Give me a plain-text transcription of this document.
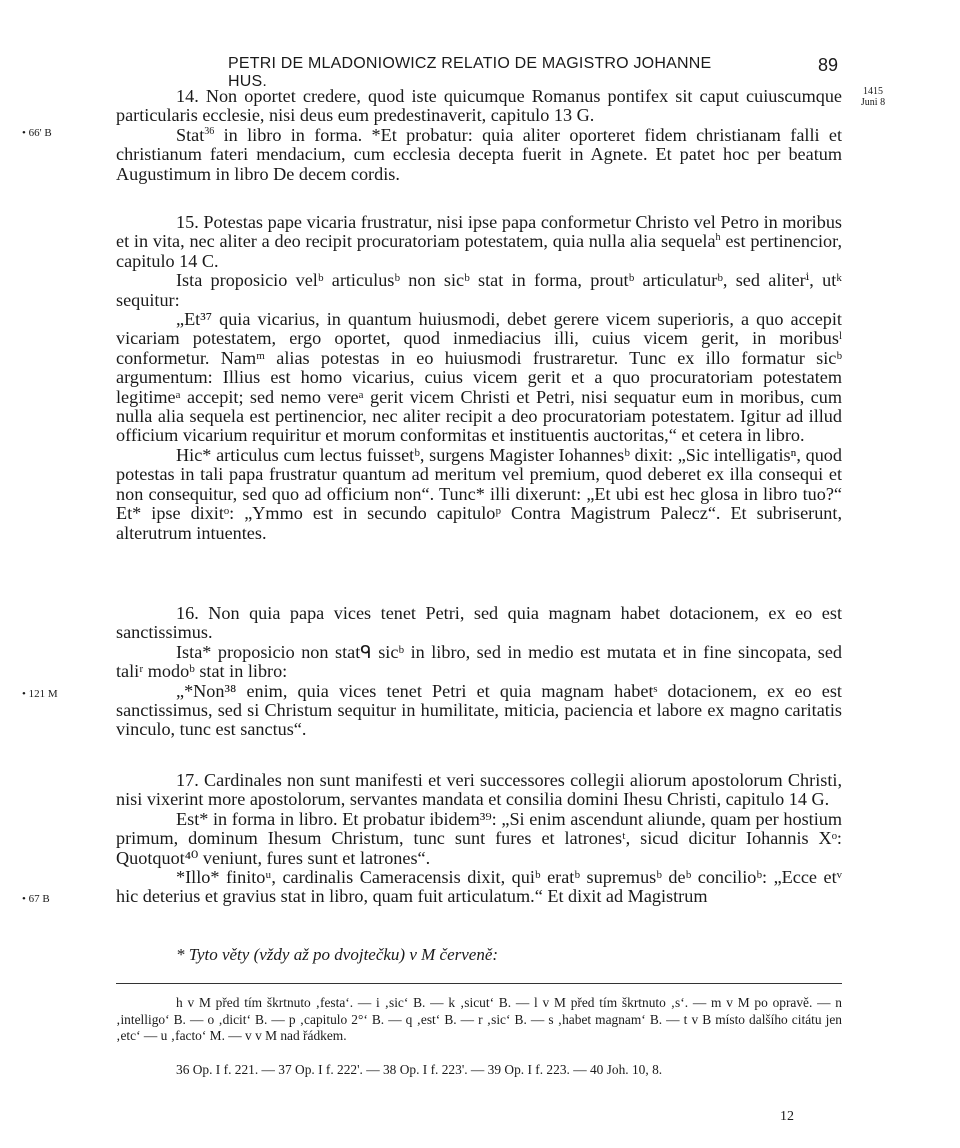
PETRI DE MLADONIOWICZ RELATIO DE MAGISTRO JOHANNE HUS.
89
1415
Juni 8
• 66' B
• 121 M
• 67 B

14. Non oportet credere, quod iste quicumque Romanus pontifex sit caput cuiuscumque particularis ecclesie, nisi deus eum predestinaverit, capitulo 13 G.

Stat$^{36}$ in libro in forma. *Et probatur: quia aliter oporteret fidem christianam falli et christianum fateri mendacium, cum ecclesia decepta fuerit in Agnete. Et patet hoc per beatum Augustimum in libro De decem cordis.

15. Potestas pape vicaria frustratur, nisi ipse papa conformetur Christo vel Petro in moribus et in vita, nec aliter a deo recipit procuratoriam potestatem, quia nulla alia sequela$^h$ est pertinencior, capitulo 14 C.

Ista proposicio velᵇ articulusᵇ non sicᵇ stat in forma, proutᵇ articulaturᵇ, sed aliterⁱ, utᵏ sequitur:

„Et³⁷ quia vicarius, in quantum huiusmodi, debet gerere vicem superioris, a quo accepit vicariam potestatem, ergo oportet, quod inmediacius illi, cuius vicem gerit, in moribusˡ conformetur. Namᵐ alias potestas in eo huiusmodi frustraretur. Tunc ex illo formatur sicᵇ argumentum: Illius est homo vicarius, cuius vicem gerit et a quo procuratoriam potestatem legitimeᵃ accepit; sed nemo vereᵃ gerit vicem Christi et Petri, nisi sequatur eum in moribus, cum nulla alia sequela est pertinencior, nec aliter recipit a deo procuratoriam potestatem. Igitur ad illud officium vicarium requiritur et morum conformitas et instituentis auctoritas,“ et cetera in libro.

Hic* articulus cum lectus fuissetᵇ, surgens Magister Iohannesᵇ dixit: „Sic intelligatisⁿ, quod potestas in tali papa frustratur quantum ad meritum vel premium, quod deberet ex illa consequi et non consequitur, sed quo ad officium non“. Tunc* illi dixerunt: „Et ubi est hec glosa in libro tuo?“ Et* ipse dixitᵒ: „Ymmo est in secundo capituloᵖ Contra Magistrum Palecz“. Et subriserunt, alterutrum intuentes.

16. Non quia papa vices tenet Petri, sed quia magnam habet dotacionem, ex eo est sanctissimus.

Ista* proposicio non statᑫ sicᵇ in libro, sed in medio est mutata et in fine sincopata, sed taliʳ modoᵇ stat in libro:

„*Non³⁸ enim, quia vices tenet Petri et quia magnam habetˢ dotacionem, ex eo est sanctissimus, sed si Christum sequitur in humilitate, miticia, paciencia et labore ex magno caritatis vinculo, tunc est sanctus“.

17. Cardinales non sunt manifesti et veri successores collegii aliorum apostolorum Christi, nisi vixerint more apostolorum, servantes mandata et consilia domini Ihesu Christi, capitulo 14 G.

Est* in forma in libro. Et probatur ibidem³⁹: „Si enim ascendunt aliunde, quam per hostium primum, dominum Ihesum Christum, tunc sunt fures et latronesᵗ, sicud dicitur Iohannis Xᵒ: Quotquot⁴⁰ veniunt, fures sunt et latrones“.

*Illo* finitoᵘ, cardinalis Cameracensis dixit, quiᵇ eratᵇ supremusᵇ deᵇ concilioᵇ: „Ecce etᵛ hic deterius et gravius stat in libro, quam fuit articulatum.“ Et dixit ad Magistrum

* Tyto věty (vždy až po dvojtečku) v M červeně:

h v M před tím škrtnuto ‚festa‘. — i ‚sic‘ B. — k ‚sicut‘ B. — l v M před tím škrtnuto ‚s‘. — m v M po opravě. — n ‚intelligo‘ B. — o ‚dicit‘ B. — p ‚capitulo 2°‘ B. — q ‚est‘ B. — r ‚sic‘ B. — s ‚habet magnam‘ B. — t v B místo dalšího citátu jen ‚etc‘ — u ‚facto‘ M. — v v M nad řádkem.

36 Op. I f. 221. — 37 Op. I f. 222'. — 38 Op. I f. 223'. — 39 Op. I f. 223. — 40 Joh. 10, 8.

12
